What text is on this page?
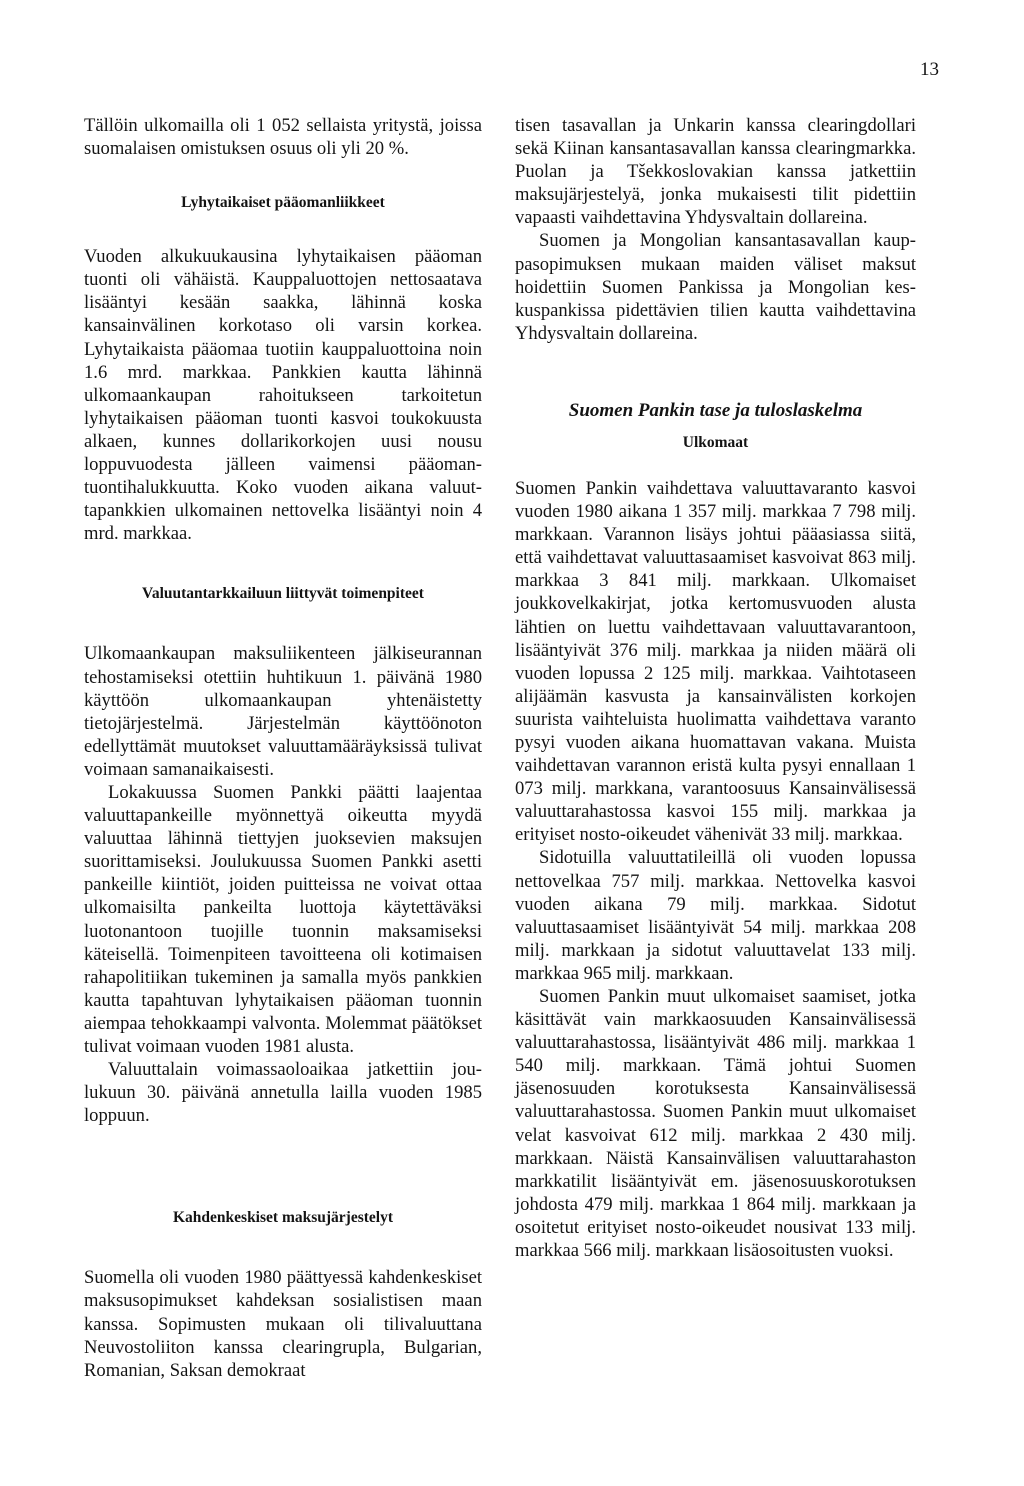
13

Tällöin ulkomailla oli 1 052 sellaista yritystä, joissa suomalaisen omistuksen osuus oli yli 20 %.

Lyhytaikaiset pääomanliikkeet

Vuoden alkukuukausina lyhytaikaisen pääoman tuonti oli vähäistä. Kauppaluottojen nettosaatava lisääntyi kesään saakka, lähinnä koska kansainvälinen korkotaso oli varsin korkea. Lyhytaikaista pääomaa tuotiin kauppaluottoina noin 1.6 mrd. markkaa. Pankkien kautta lähinnä ulkomaankaupan rahoitukseen tarkoitetun lyhytaikaisen pääoman tuonti kasvoi toukokuusta alkaen, kunnes dollarikorkojen uusi nousu loppuvuodesta jälleen vaimensi pääomantuontihalukkuutta. Koko vuoden aikana valuuttapankkien ulkomainen nettovelka lisääntyi noin 4 mrd. markkaa.

Valuutantarkkailuun liittyvät toimenpiteet

Ulkomaankaupan maksuliikenteen jälkiseurannan tehostamiseksi otettiin huhtikuun 1. päivänä 1980 käyttöön ulkomaankaupan yhtenäistetty tietojärjestelmä. Järjestelmän käyttöönoton edellyttämät muutokset valuuttamääräyksissä tulivat voimaan samanaikaisesti.

Lokakuussa Suomen Pankki päätti laajentaa valuuttapankeille myönnettyä oikeutta myydä valuuttaa lähinnä tiettyjen juoksevien maksujen suorittamiseksi. Joulukuussa Suomen Pankki asetti pankeille kiintiöt, joiden puitteissa ne voivat ottaa ulkomaisilta pankeilta luottoja käytettäväksi luotonantoon tuojille tuonnin maksamiseksi käteisellä. Toimenpiteen tavoitteena oli kotimaisen rahapolitiikan tukeminen ja samalla myös pankkien kautta tapahtuvan lyhytaikaisen pääoman tuonnin aiempaa tehokkaampi valvonta. Molemmat päätökset tulivat voimaan vuoden 1981 alusta.

Valuuttalain voimassaoloaikaa jatkettiin joulukuun 30. päivänä annetulla lailla vuoden 1985 loppuun.

Kahdenkeskiset maksujärjestelyt

Suomella oli vuoden 1980 päättyessä kahdenkeskiset maksusopimukset kahdeksan sosialistisen maan kanssa. Sopimusten mukaan oli tilivaluuttana Neuvostoliiton kanssa clearingrupla, Bulgarian, Romanian, Saksan demokraat

tisen tasavallan ja Unkarin kanssa clearingdollari sekä Kiinan kansantasavallan kanssa clearingmarkka. Puolan ja Tšekkoslovakian kanssa jatkettiin maksujärjestelyä, jonka mukaisesti tilit pidettiin vapaasti vaihdettavina Yhdysvaltain dollareina.

Suomen ja Mongolian kansantasavallan kauppasopimuksen mukaan maiden väliset maksut hoidettiin Suomen Pankissa ja Mongolian keskuspankissa pidettävien tilien kautta vaihdettavina Yhdysvaltain dollareina.

Suomen Pankin tase ja tuloslaskelma
Ulkomaat

Suomen Pankin vaihdettava valuuttavaranto kasvoi vuoden 1980 aikana 1 357 milj. markkaa 7 798 milj. markkaan. Varannon lisäys johtui pääasiassa siitä, että vaihdettavat valuuttasaamiset kasvoivat 863 milj. markkaa 3 841 milj. markkaan. Ulkomaiset joukkovelkakirjat, jotka kertomusvuoden alusta lähtien on luettu vaihdettavaan valuuttavarantoon, lisääntyivät 376 milj. markkaa ja niiden määrä oli vuoden lopussa 2 125 milj. markkaa. Vaihtotaseen alijäämän kasvusta ja kansainvälisten korkojen suurista vaihteluista huolimatta vaihdettava varanto pysyi vuoden aikana huomattavan vakana. Muista vaihdettavan varannon eristä kulta pysyi ennallaan 1 073 milj. markkana, varantoosuus Kansainvälisessä valuuttarahastossa kasvoi 155 milj. markkaa ja erityiset nosto-oikeudet vähenivät 33 milj. markkaa.

Sidotuilla valuuttatileillä oli vuoden lopussa nettovelkaa 757 milj. markkaa. Nettovelka kasvoi vuoden aikana 79 milj. markkaa. Sidotut valuuttasaamiset lisääntyivät 54 milj. markkaa 208 milj. markkaan ja sidotut valuuttavelat 133 milj. markkaa 965 milj. markkaan.

Suomen Pankin muut ulkomaiset saamiset, jotka käsittävät vain markkaosuuden Kansainvälisessä valuuttarahastossa, lisääntyivät 486 milj. markkaa 1 540 milj. markkaan. Tämä johtui Suomen jäsenosuuden korotuksesta Kansainvälisessä valuuttarahastossa. Suomen Pankin muut ulkomaiset velat kasvoivat 612 milj. markkaa 2 430 milj. markkaan. Näistä Kansainvälisen valuuttarahaston markkatilit lisääntyivät em. jäsenosuuskorotuksen johdosta 479 milj. markkaa 1 864 milj. markkaan ja osoitetut erityiset nosto-oikeudet nousivat 133 milj. markkaa 566 milj. markkaan lisäosoitusten vuoksi.
